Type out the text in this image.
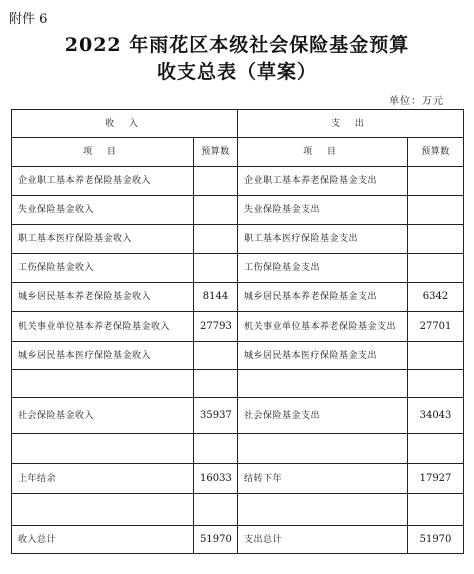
附件 6
2022 年雨花区本级社会保险基金预算
收支总表（草案）
单位：万元
收 入		支 出	
项 目	预算数	项 目	预算数
企业职工基本养老保险基金收入		企业职工基本养老保险基金支出	
失业保险基金收入		失业保险基金支出	
职工基本医疗保险基金收入		职工基本医疗保险基金支出	
工伤保险基金收入		工伤保险基金支出	
城乡居民基本养老保险基金收入	8144	城乡居民基本养老保险基金支出	6342
机关事业单位基本养老保险基金收入	27793	机关事业单位基本养老保险基金支出	27701
城乡居民基本医疗保险基金收入		城乡居民基本医疗保险基金支出	

社会保险基金收入	35937	社会保险基金支出	34043

上年结余	16033	结转下年	17927

收入总计	51970	支出总计	51970
